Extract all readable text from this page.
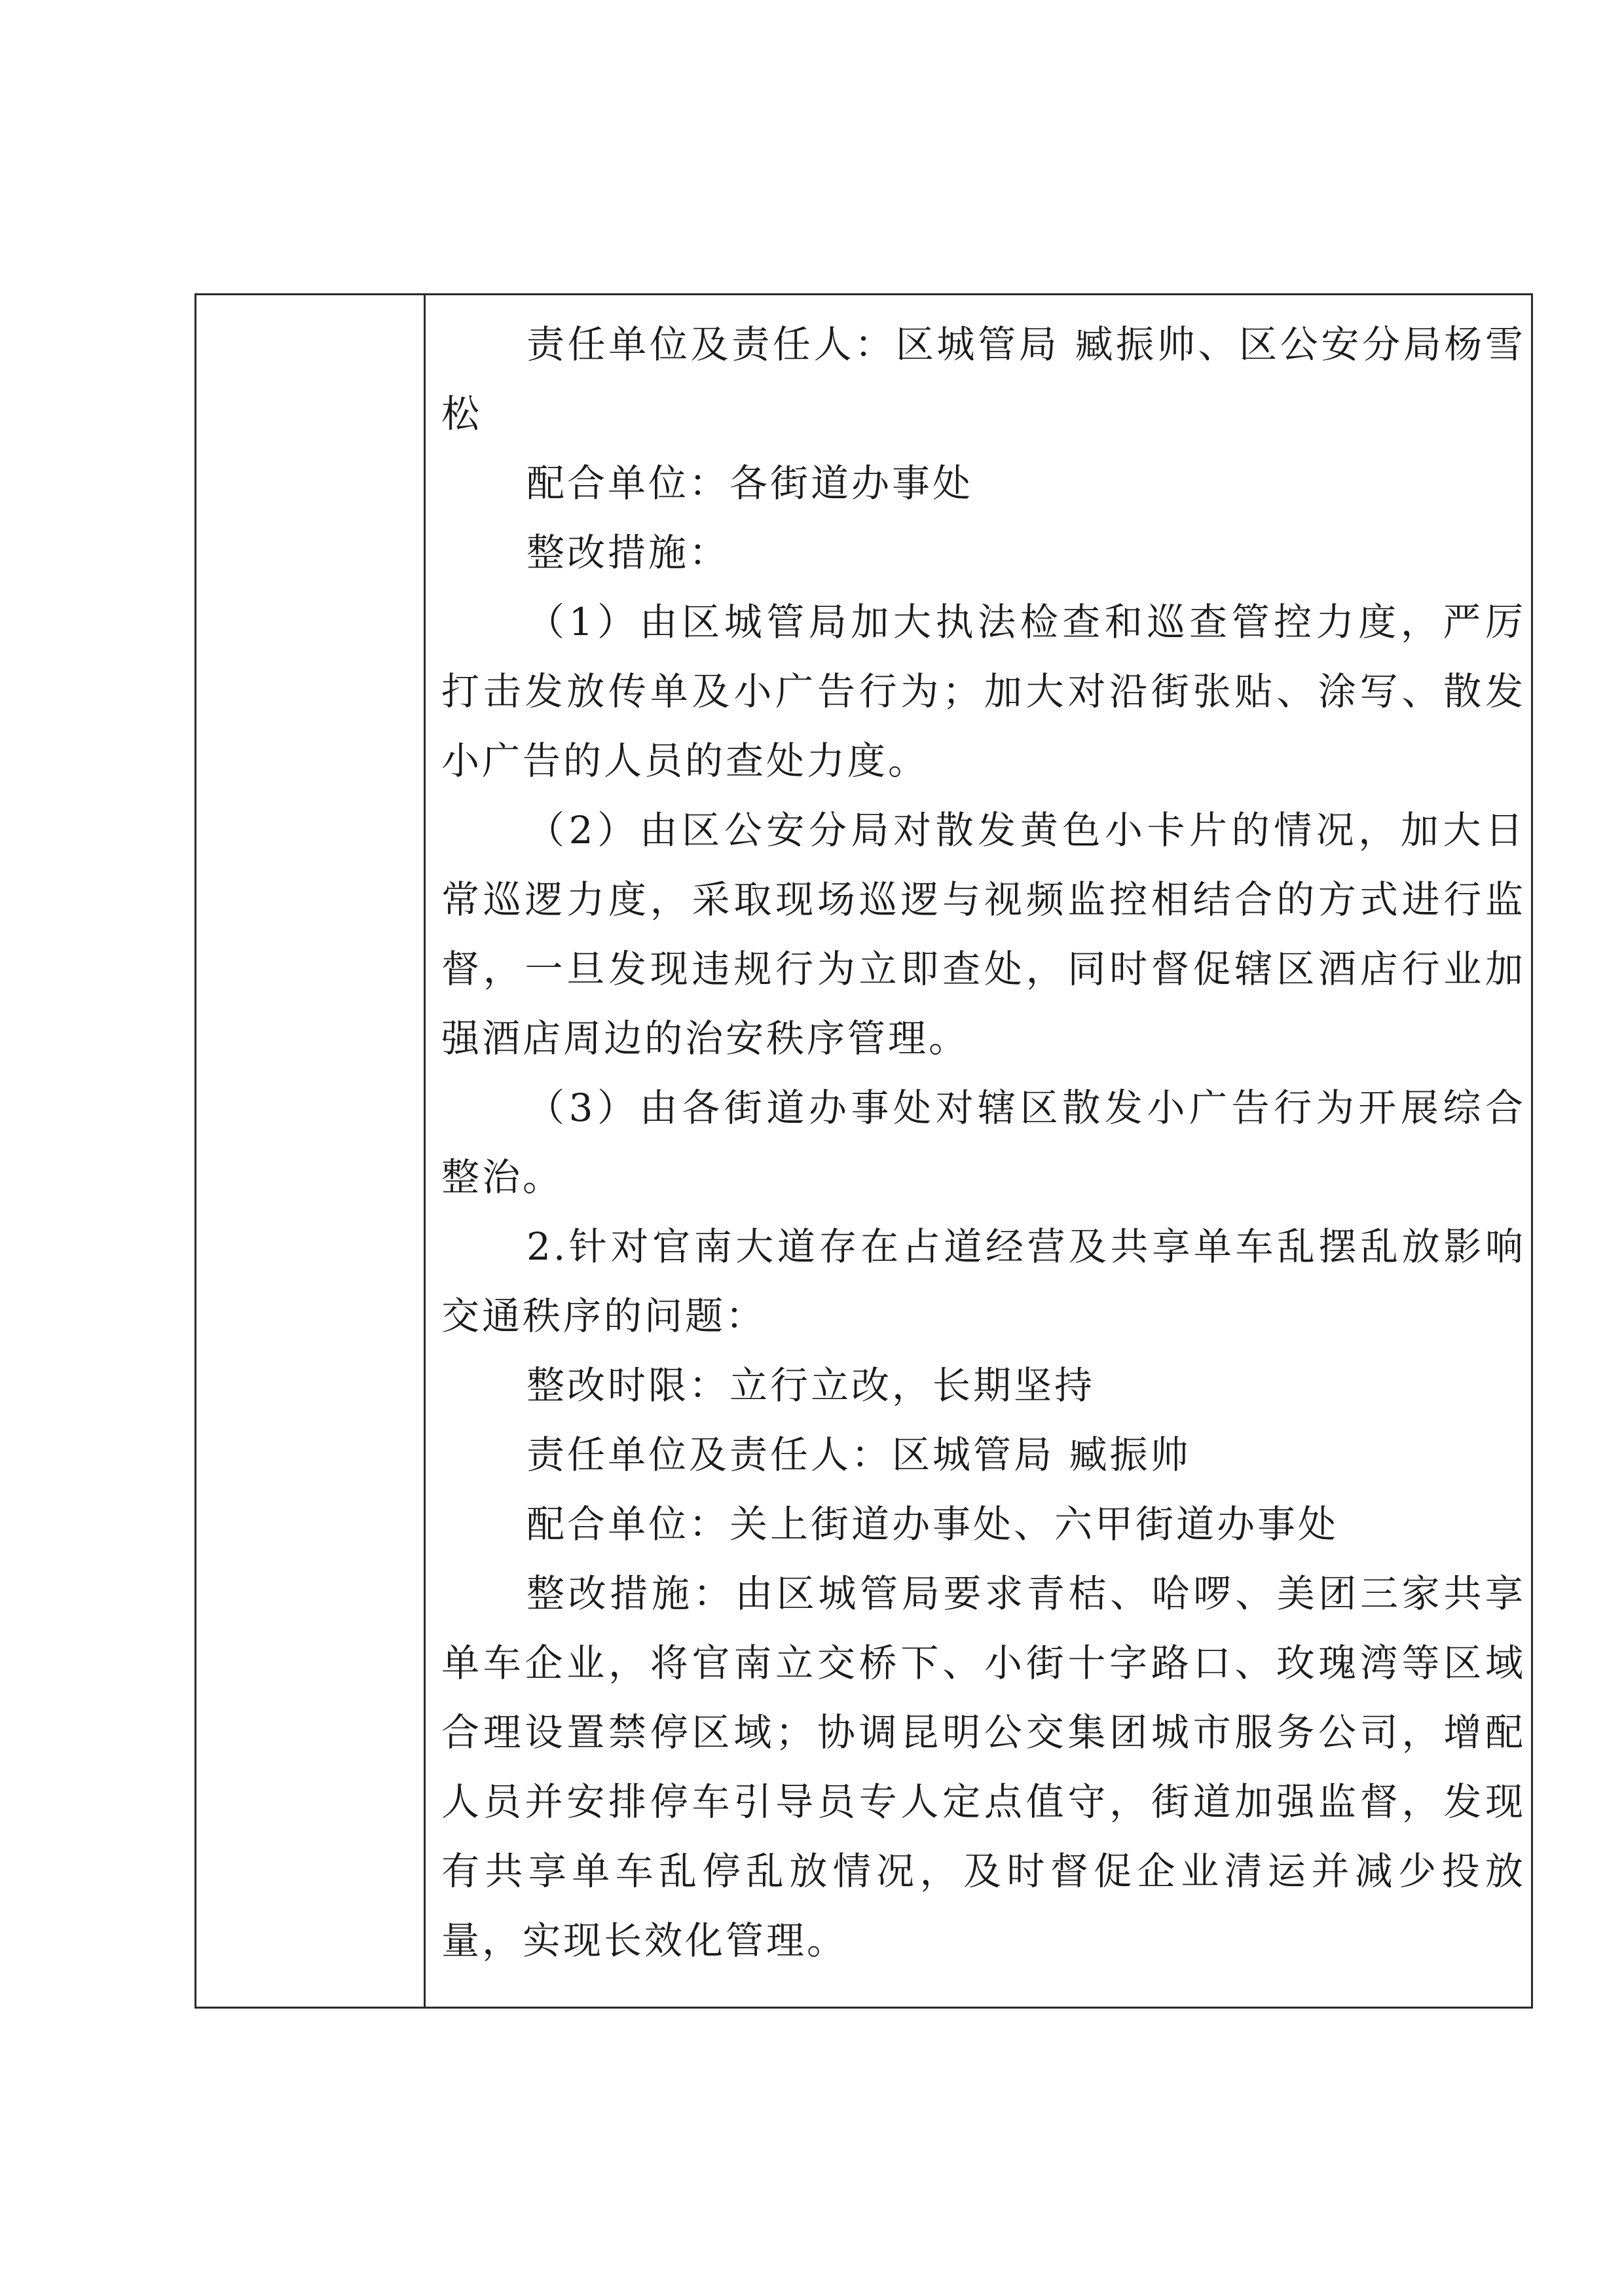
责任单位及责任人：区城管局 臧振帅、区公安分局杨雪松

配合单位：各街道办事处

整改措施：

（1）由区城管局加大执法检查和巡查管控力度，严厉打击发放传单及小广告行为；加大对沿街张贴、涂写、散发小广告的人员的查处力度。

（2）由区公安分局对散发黄色小卡片的情况，加大日常巡逻力度，采取现场巡逻与视频监控相结合的方式进行监督，一旦发现违规行为立即查处，同时督促辖区酒店行业加强酒店周边的治安秩序管理。

（3）由各街道办事处对辖区散发小广告行为开展综合整治。

2.针对官南大道存在占道经营及共享单车乱摆乱放影响交通秩序的问题：

整改时限：立行立改，长期坚持

责任单位及责任人：区城管局 臧振帅

配合单位：关上街道办事处、六甲街道办事处

整改措施：由区城管局要求青桔、哈啰、美团三家共享单车企业，将官南立交桥下、小街十字路口、玫瑰湾等区域合理设置禁停区域；协调昆明公交集团城市服务公司，增配人员并安排停车引导员专人定点值守，街道加强监督，发现有共享单车乱停乱放情况，及时督促企业清运并减少投放量，实现长效化管理。
